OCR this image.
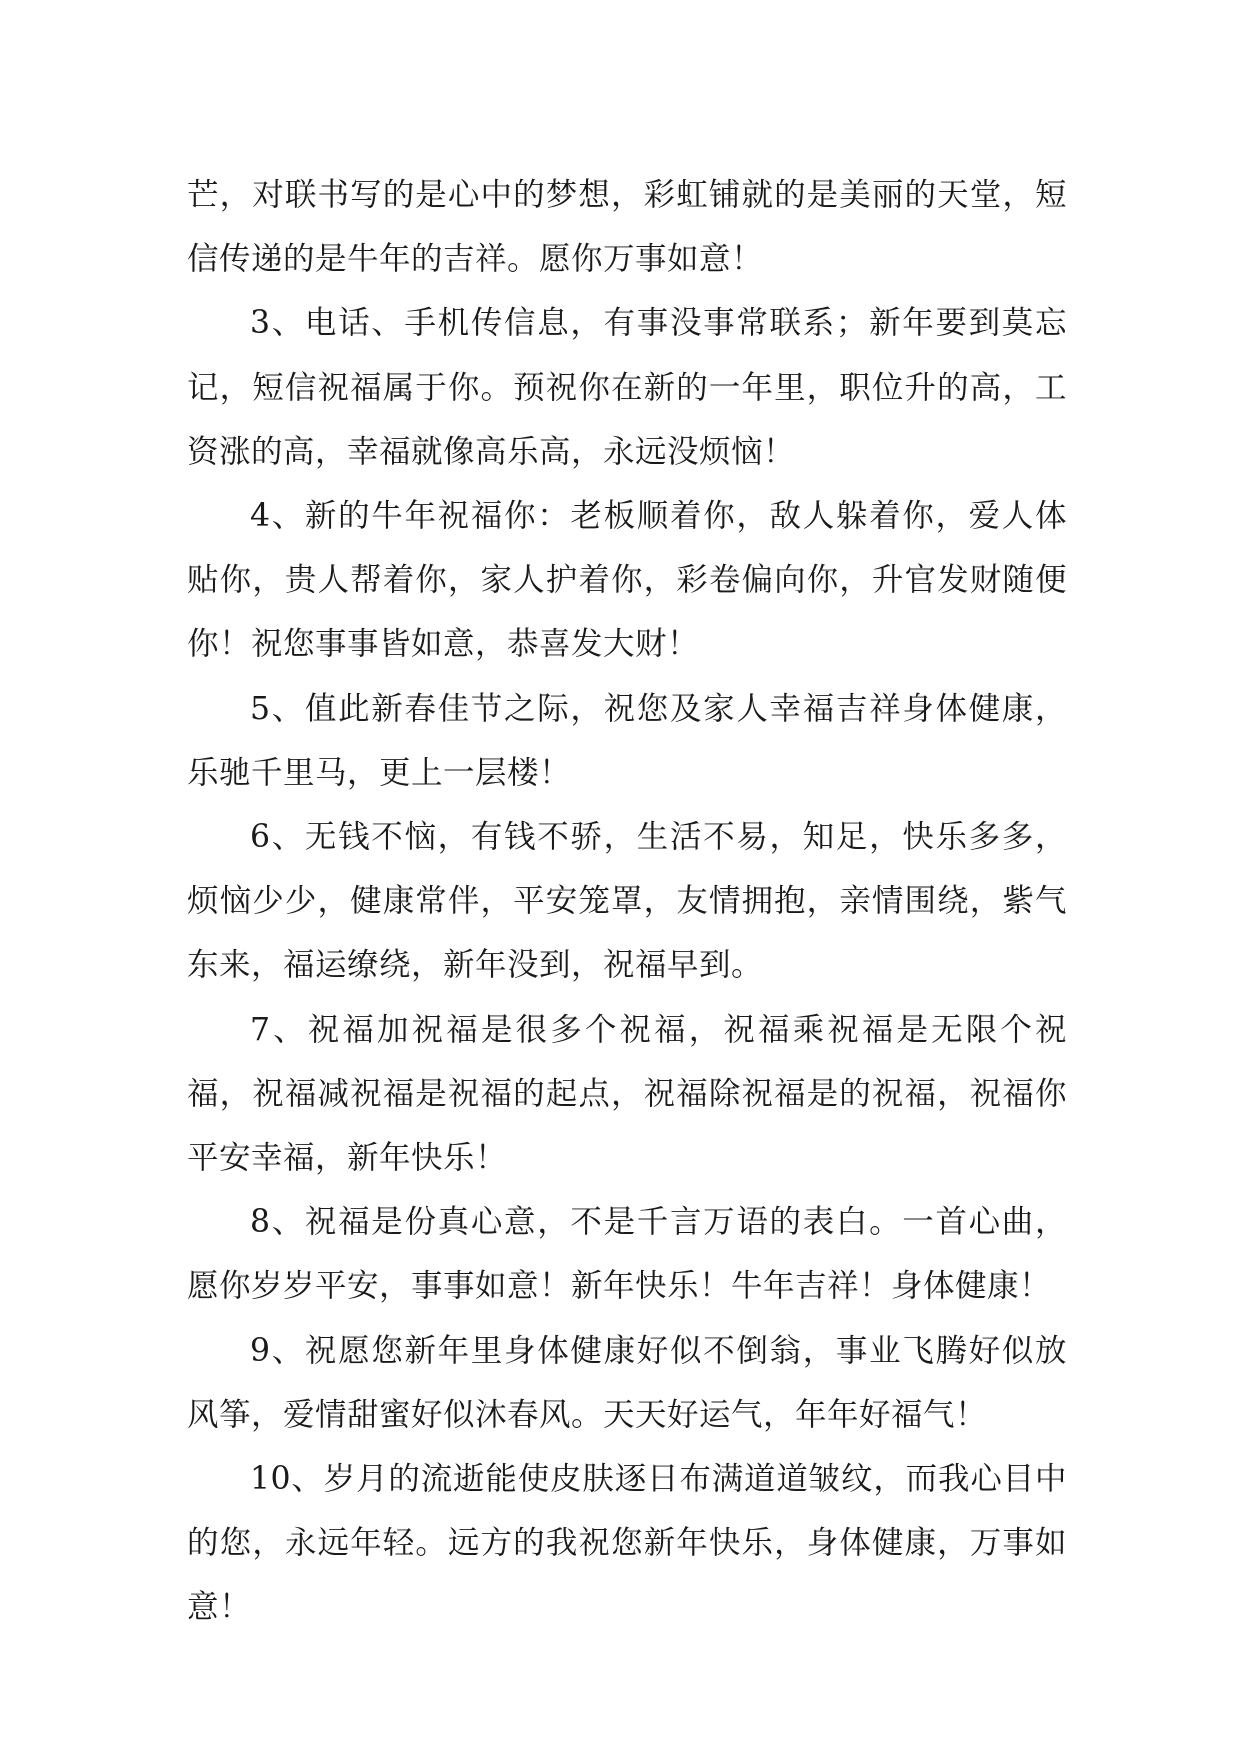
芒，对联书写的是心中的梦想，彩虹铺就的是美丽的天堂，短信传递的是牛年的吉祥。愿你万事如意！

3、电话、手机传信息，有事没事常联系；新年要到莫忘记，短信祝福属于你。预祝你在新的一年里，职位升的高，工资涨的高，幸福就像高乐高，永远没烦恼！

4、新的牛年祝福你：老板顺着你，敌人躲着你，爱人体贴你，贵人帮着你，家人护着你，彩卷偏向你，升官发财随便你！祝您事事皆如意，恭喜发大财！

5、值此新春佳节之际，祝您及家人幸福吉祥身体健康，乐驰千里马，更上一层楼！

6、无钱不恼，有钱不骄，生活不易，知足，快乐多多，烦恼少少，健康常伴，平安笼罩，友情拥抱，亲情围绕，紫气东来，福运缭绕，新年没到，祝福早到。

7、祝福加祝福是很多个祝福，祝福乘祝福是无限个祝福，祝福减祝福是祝福的起点，祝福除祝福是的祝福，祝福你平安幸福，新年快乐！

8、祝福是份真心意，不是千言万语的表白。一首心曲，愿你岁岁平安，事事如意！新年快乐！牛年吉祥！身体健康！

9、祝愿您新年里身体健康好似不倒翁，事业飞腾好似放风筝，爱情甜蜜好似沐春风。天天好运气，年年好福气！

10、岁月的流逝能使皮肤逐日布满道道皱纹，而我心目中的您，永远年轻。远方的我祝您新年快乐，身体健康，万事如意！
